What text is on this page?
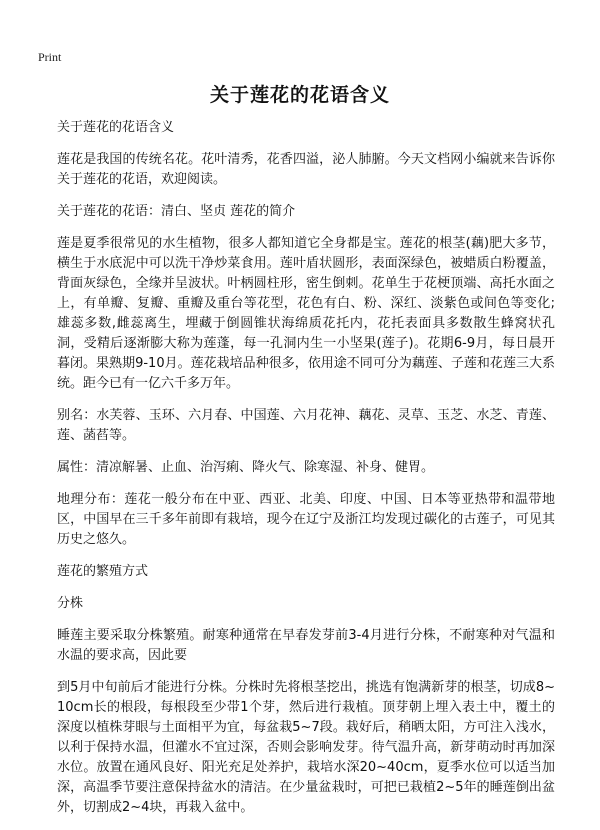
Print
关于莲花的花语含义

关于莲花的花语含义

莲花是我国的传统名花。花叶清秀，花香四溢，泌人肺腑。今天文档网小编就来告诉你关于莲花的花语，欢迎阅读。

关于莲花的花语：清白、坚贞 莲花的简介

莲是夏季很常见的水生植物，很多人都知道它全身都是宝。莲花的根茎(藕)肥大多节，横生于水底泥中可以洗干净炒菜食用。莲叶盾状圆形，表面深绿色，被蜡质白粉覆盖，背面灰绿色，全缘并呈波状。叶柄圆柱形，密生倒刺。花单生于花梗顶端、高托水面之上，有单瓣、复瓣、重瓣及重台等花型，花色有白、粉、深红、淡紫色或间色等变化;雄蕊多数,雌蕊离生，埋藏于倒圆锥状海绵质花托内，花托表面具多数散生蜂窝状孔洞，受精后逐渐膨大称为莲蓬，每一孔洞内生一小坚果(莲子)。花期6-9月，每日晨开暮闭。果熟期9-10月。莲花栽培品种很多，依用途不同可分为藕莲、子莲和花莲三大系统。距今已有一亿六千多万年。

别名：水芙蓉、玉环、六月春、中国莲、六月花神、藕花、灵草、玉芝、水芝、青莲、莲、菡萏等。

属性：清凉解暑、止血、治泻痢、降火气、除寒湿、补身、健胃。

地理分布：莲花一般分布在中亚、西亚、北美、印度、中国、日本等亚热带和温带地区，中国早在三千多年前即有栽培，现今在辽宁及浙江均发现过碳化的古莲子，可见其历史之悠久。

莲花的繁殖方式

分株

睡莲主要采取分株繁殖。耐寒种通常在早春发芽前3-4月进行分株，不耐寒种对气温和水温的要求高，因此要

到5月中旬前后才能进行分株。分株时先将根茎挖出，挑选有饱满新芽的根茎，切成8~10cm长的根段，每根段至少带1个芽，然后进行栽植。顶芽朝上埋入表土中，覆土的深度以植株芽眼与土面相平为宜，每盆栽5~7段。栽好后，稍晒太阳，方可注入浅水，以利于保持水温，但灌水不宜过深，否则会影响发芽。待气温升高，新芽萌动时再加深水位。放置在通风良好、阳光充足处养护，栽培水深20~40cm，夏季水位可以适当加深，高温季节要注意保持盆水的清洁。在少量盆栽时，可把已栽植2~5年的睡莲倒出盆外，切割成2~4块，再栽入盆中。
